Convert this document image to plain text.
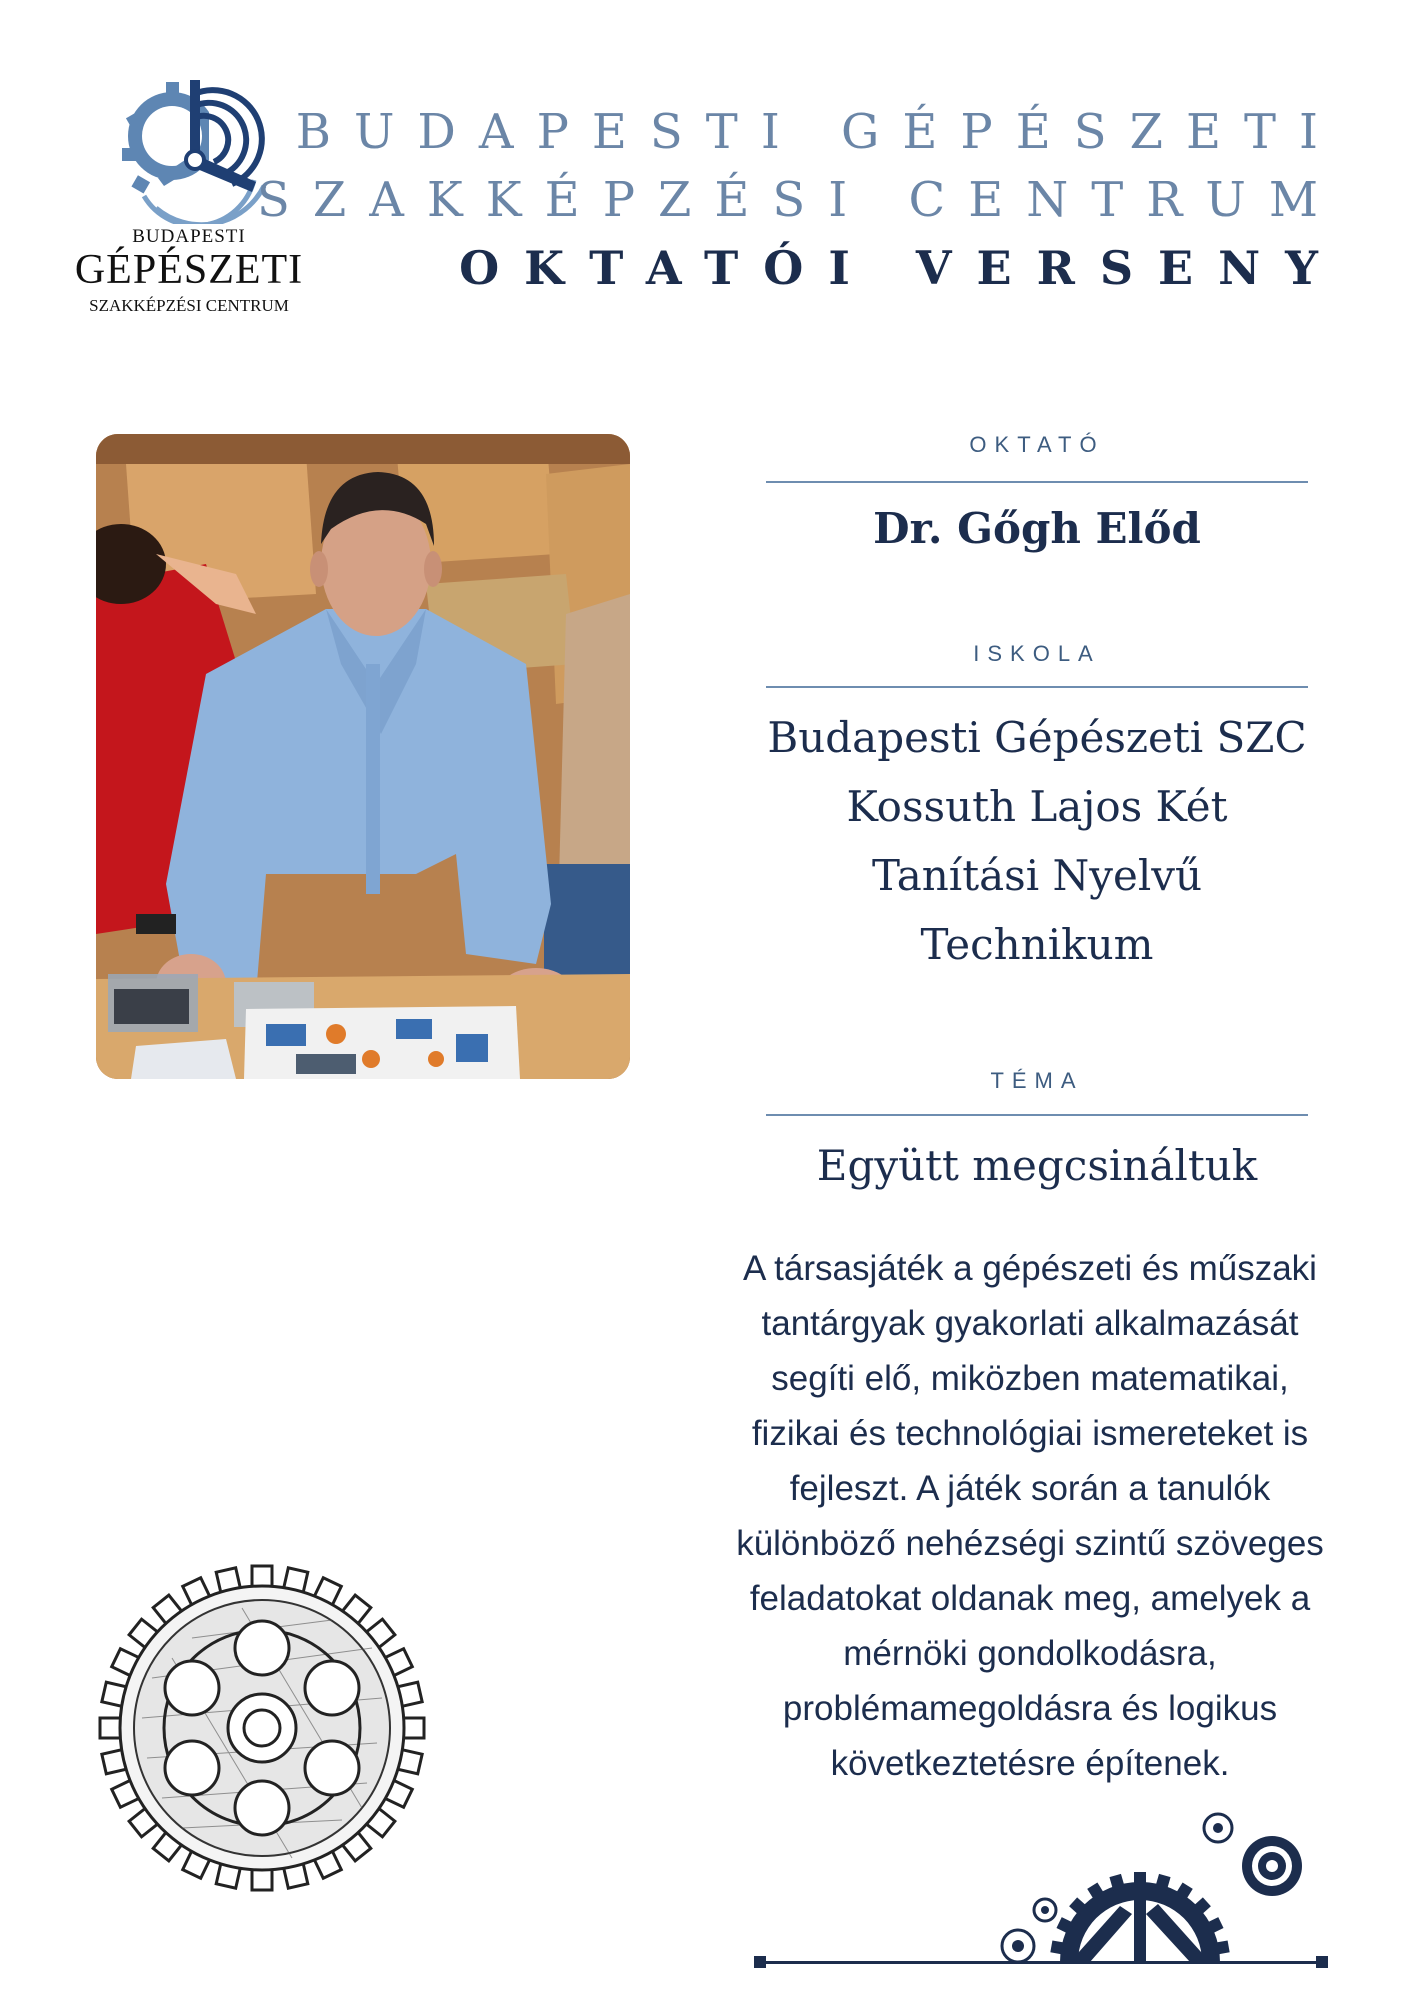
BUDAPESTI
GÉPÉSZETI
SZAKKÉPZÉSI CENTRUM
BUDAPESTI GÉPÉSZETI
SZAKKÉPZÉSI CENTRUM
OKTATÓI VERSENY
OKTATÓ
Dr. Gőgh Előd
ISKOLA
Budapesti Gépészeti SZC
Kossuth Lajos Két
Tanítási Nyelvű
Technikum
TÉMA
Együtt megcsináltuk
A társasjáték a gépészeti és műszaki
tantárgyak gyakorlati alkalmazását
segíti elő, miközben matematikai,
fizikai és technológiai ismereteket is
fejleszt. A játék során a tanulók
különböző nehézségi szintű szöveges
feladatokat oldanak meg, amelyek a
mérnöki gondolkodásra,
problémamegoldásra és logikus
következtetésre építenek.
